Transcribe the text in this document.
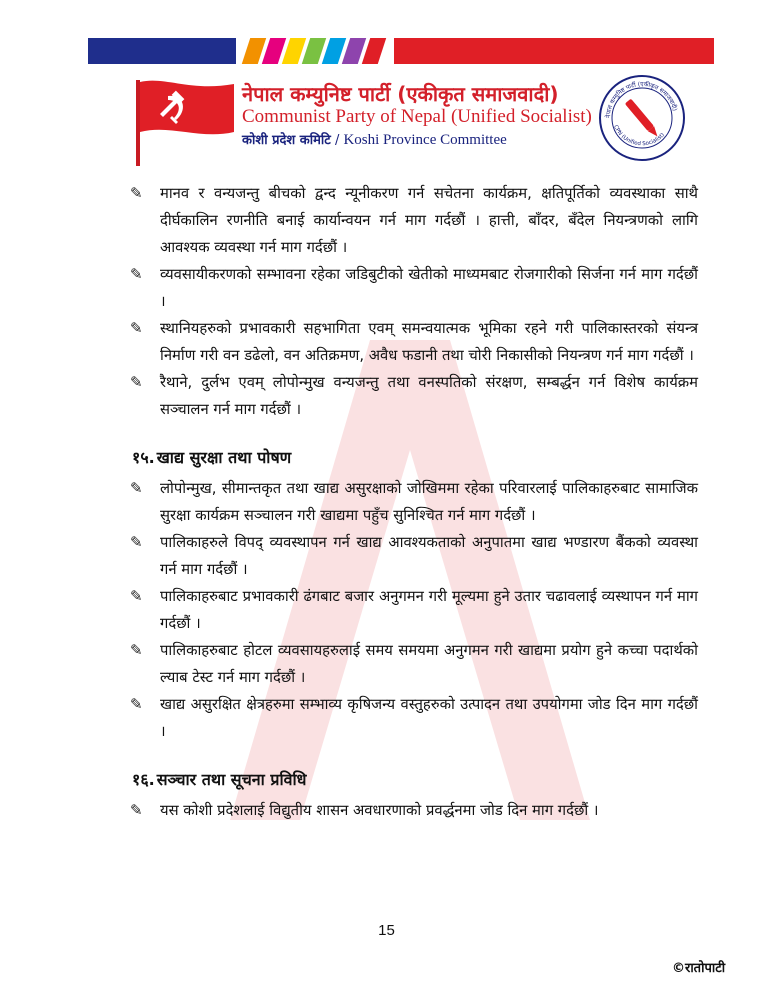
नेपाल कम्युनिष्ट पार्टी (एकीकृत समाजवादी)
Communist Party of Nepal (Unified Socialist)
कोशी प्रदेश कमिटि / Koshi Province Committee
नेपाल कम्युनिष्ट पार्टी (एकीकृत समाजवादी)
CPN (Unified Socialist)

✎	मानव र वन्यजन्तु बीचको द्वन्द न्यूनीकरण गर्न सचेतना कार्यक्रम, क्षतिपूर्तिको व्यवस्थाका साथै दीर्घकालिन रणनीति बनाई कार्यान्वयन गर्न माग गर्दछौं । हात्ती, बाँदर, बँदेल नियन्त्रणको लागि आवश्यक व्यवस्था गर्न माग गर्दछौं ।

✎	व्यवसायीकरणको सम्भावना रहेका जडिबुटीको खेतीको माध्यमबाट रोजगारीको सिर्जना गर्न माग गर्दछौं ।

✎	स्थानियहरुको प्रभावकारी सहभागिता एवम् समन्वयात्मक भूमिका रहने गरी पालिकास्तरको संयन्त्र निर्माण गरी वन डढेलो, वन अतिक्रमण, अवैध फडानी तथा चोरी निकासीको नियन्त्रण गर्न माग गर्दछौं ।

✎	रैथाने, दुर्लभ एवम् लोपोन्मुख वन्यजन्तु तथा वनस्पतिको संरक्षण, सम्बर्द्धन गर्न विशेष कार्यक्रम सञ्चालन गर्न माग गर्दछौं ।

१५. खाद्य सुरक्षा तथा पोषण

✎	लोपोन्मुख, सीमान्तकृत तथा खाद्य असुरक्षाको जोखिममा रहेका परिवारलाई पालिकाहरुबाट सामाजिक सुरक्षा कार्यक्रम सञ्चालन गरी खाद्यमा पहुँच सुनिश्चित गर्न माग गर्दछौं ।

✎	पालिकाहरुले विपद् व्यवस्थापन गर्न खाद्य आवश्यकताको अनुपातमा खाद्य भण्डारण बैंकको व्यवस्था गर्न माग गर्दछौं ।

✎	पालिकाहरुबाट प्रभावकारी ढंगबाट बजार अनुगमन गरी मूल्यमा हुने उतार चढावलाई व्यस्थापन गर्न माग गर्दछौं ।

✎	पालिकाहरुबाट होटल व्यवसायहरुलाई समय समयमा अनुगमन गरी खाद्यमा प्रयोग हुने कच्चा पदार्थको ल्याब टेस्ट गर्न माग गर्दछौं ।

✎	खाद्य असुरक्षित क्षेत्रहरुमा सम्भाव्य कृषिजन्य वस्तुहरुको उत्पादन तथा उपयोगमा जोड दिन माग गर्दछौं ।

१६. सञ्चार तथा सूचना प्रविधि

✎	यस कोशी प्रदेशलाई विद्युतीय शासन अवधारणाको प्रवर्द्धनमा जोड दिन माग गर्दछौं ।

15
©रातोपाटी
